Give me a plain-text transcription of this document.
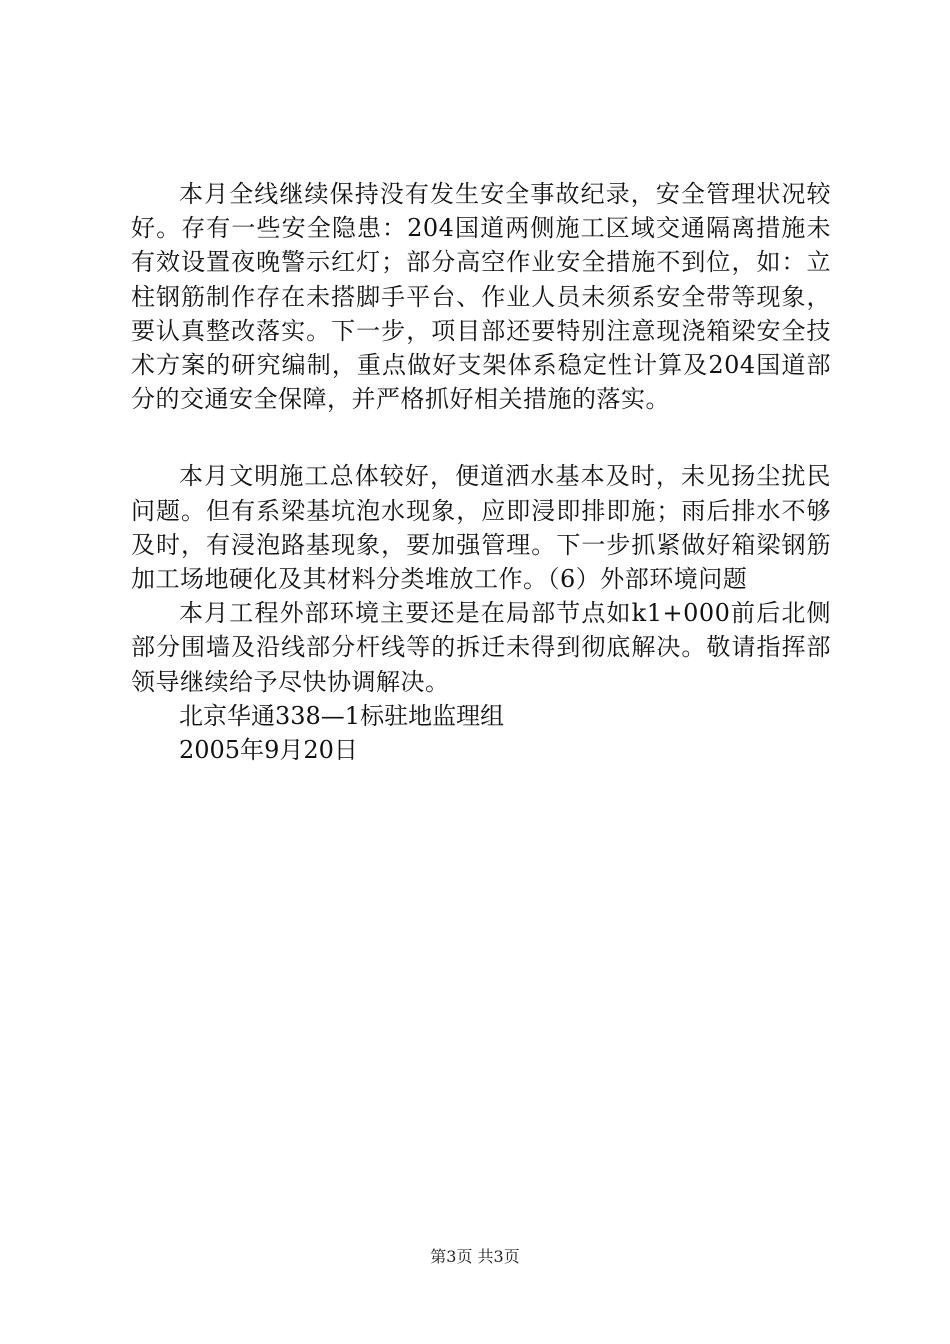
本月全线继续保持没有发生安全事故纪录，安全管理状况较好。存有一些安全隐患：204国道两侧施工区域交通隔离措施未有效设置夜晚警示红灯；部分高空作业安全措施不到位，如：立柱钢筋制作存在未搭脚手平台、作业人员未须系安全带等现象，要认真整改落实。下一步，项目部还要特别注意现浇箱梁安全技术方案的研究编制，重点做好支架体系稳定性计算及204国道部分的交通安全保障，并严格抓好相关措施的落实。

本月文明施工总体较好，便道洒水基本及时，未见扬尘扰民问题。但有系梁基坑泡水现象，应即浸即排即施；雨后排水不够及时，有浸泡路基现象，要加强管理。下一步抓紧做好箱梁钢筋加工场地硬化及其材料分类堆放工作。（6）外部环境问题

本月工程外部环境主要还是在局部节点如k1+000前后北侧部分围墙及沿线部分杆线等的拆迁未得到彻底解决。敬请指挥部领导继续给予尽快协调解决。

北京华通338—1标驻地监理组

2005年9月20日

第3页 共3页
